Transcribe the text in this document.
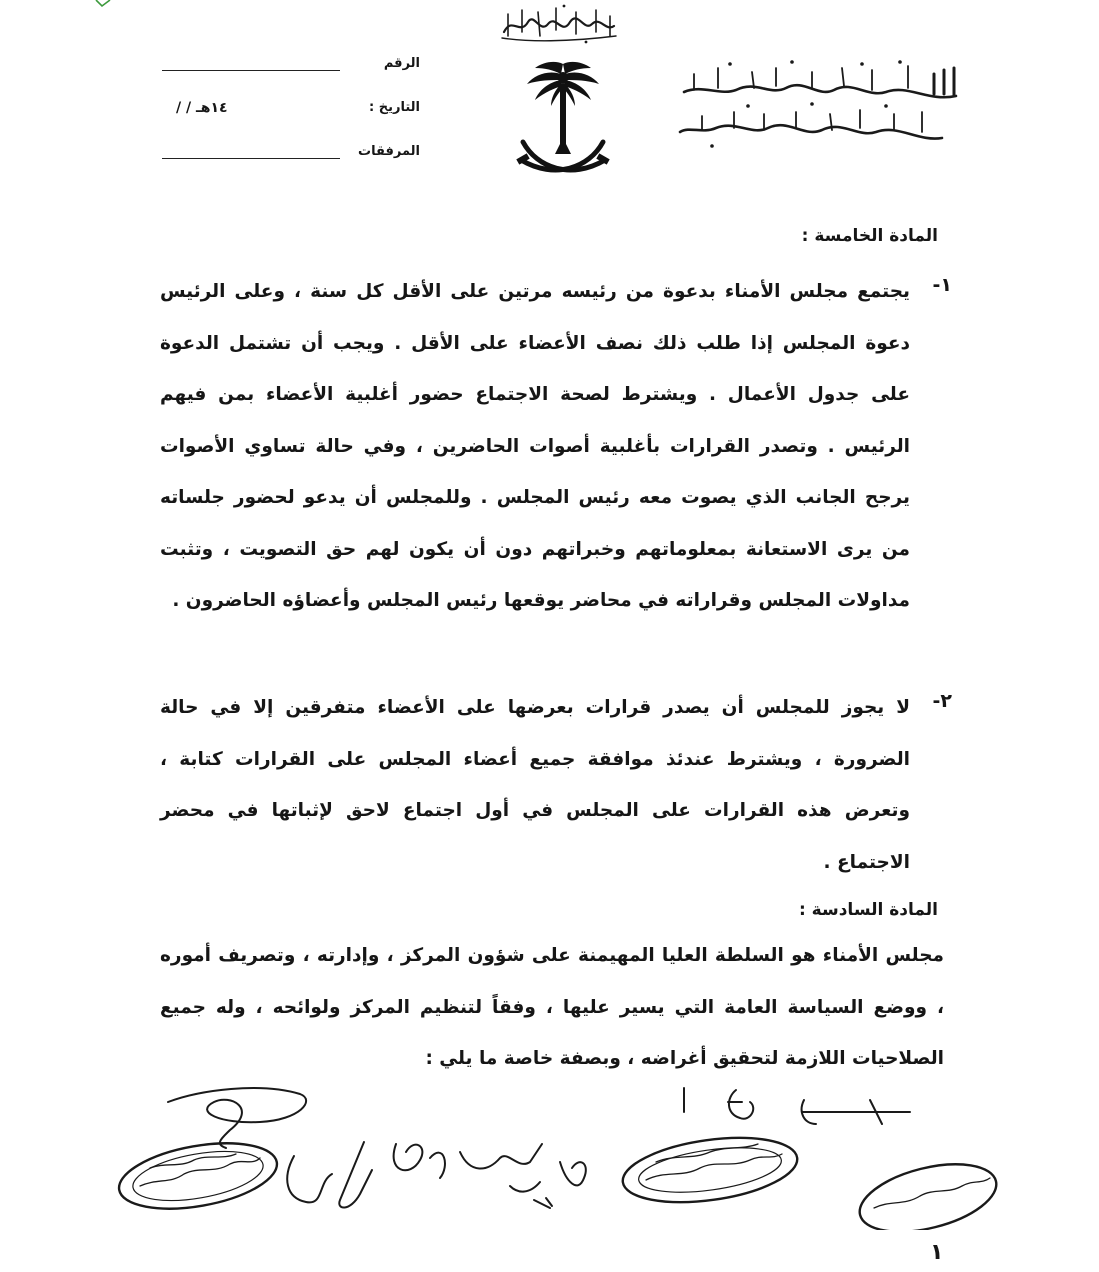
الرقم
التاريخ :
/ / ١٤هـ
المرفقات
المادة الخامسة :
١-
يجتمع مجلس الأمناء بدعوة من رئيسه مرتين على الأقل كل سنة ، وعلى الرئيس دعوة المجلس إذا طلب ذلك نصف الأعضاء على الأقل . ويجب أن تشتمل الدعوة على جدول الأعمال . ويشترط لصحة الاجتماع حضور أغلبية الأعضاء بمن فيهم الرئيس . وتصدر القرارات بأغلبية أصوات الحاضرين ، وفي حالة تساوي الأصوات يرجح الجانب الذي يصوت معه رئيس المجلس . وللمجلس أن يدعو لحضور جلساته من يرى الاستعانة بمعلوماتهم وخبراتهم دون أن يكون لهم حق التصويت ، وتثبت مداولات المجلس وقراراته في محاضر يوقعها رئيس المجلس وأعضاؤه الحاضرون .
٢-
لا يجوز للمجلس أن يصدر قرارات بعرضها على الأعضاء متفرقين إلا في حالة الضرورة ، ويشترط عندئذ موافقة جميع أعضاء المجلس على القرارات كتابة ، وتعرض هذه القرارات على المجلس في أول اجتماع لاحق لإثباتها في محضر الاجتماع .
المادة السادسة :
مجلس الأمناء هو السلطة العليا المهيمنة على شؤون المركز ، وإدارته ، وتصريف أموره ، ووضع السياسة العامة التي يسير عليها ، وفقاً لتنظيم المركز ولوائحه ، وله جميع الصلاحيات اللازمة لتحقيق أغراضه ، وبصفة خاصة ما يلي :
١
